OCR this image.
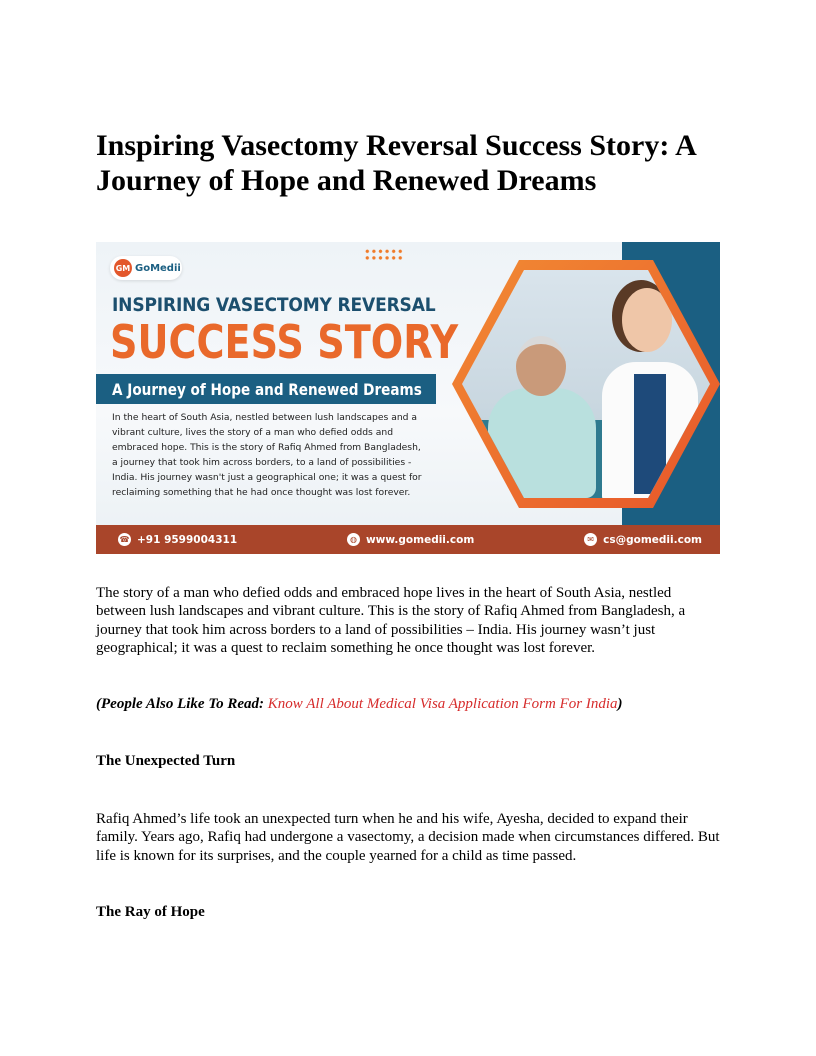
Inspiring Vasectomy Reversal Success Story: A Journey of Hope and Renewed Dreams
GM GoMedii
INSPIRING VASECTOMY REVERSAL
SUCCESS STORY
A Journey of Hope and Renewed Dreams
In the heart of South Asia, nestled between lush landscapes and a vibrant culture, lives the story of a man who defied odds and embraced hope. This is the story of Rafiq Ahmed from Bangladesh, a journey that took him across borders, to a land of possibilities - India. His journey wasn't just a geographical one; it was a quest for reclaiming something that he had once thought was lost forever.
☎ +91 9599004311	◍ www.gomedii.com	✉ cs@gomedii.com

The story of a man who defied odds and embraced hope lives in the heart of South Asia, nestled between lush landscapes and vibrant culture. This is the story of Rafiq Ahmed from Bangladesh, a journey that took him across borders to a land of possibilities – India. His journey wasn’t just geographical; it was a quest to reclaim something he once thought was lost forever.

(People Also Like To Read: Know All About Medical Visa Application Form For India)

The Unexpected Turn

Rafiq Ahmed’s life took an unexpected turn when he and his wife, Ayesha, decided to expand their family. Years ago, Rafiq had undergone a vasectomy, a decision made when circumstances differed. But life is known for its surprises, and the couple yearned for a child as time passed.

The Ray of Hope
